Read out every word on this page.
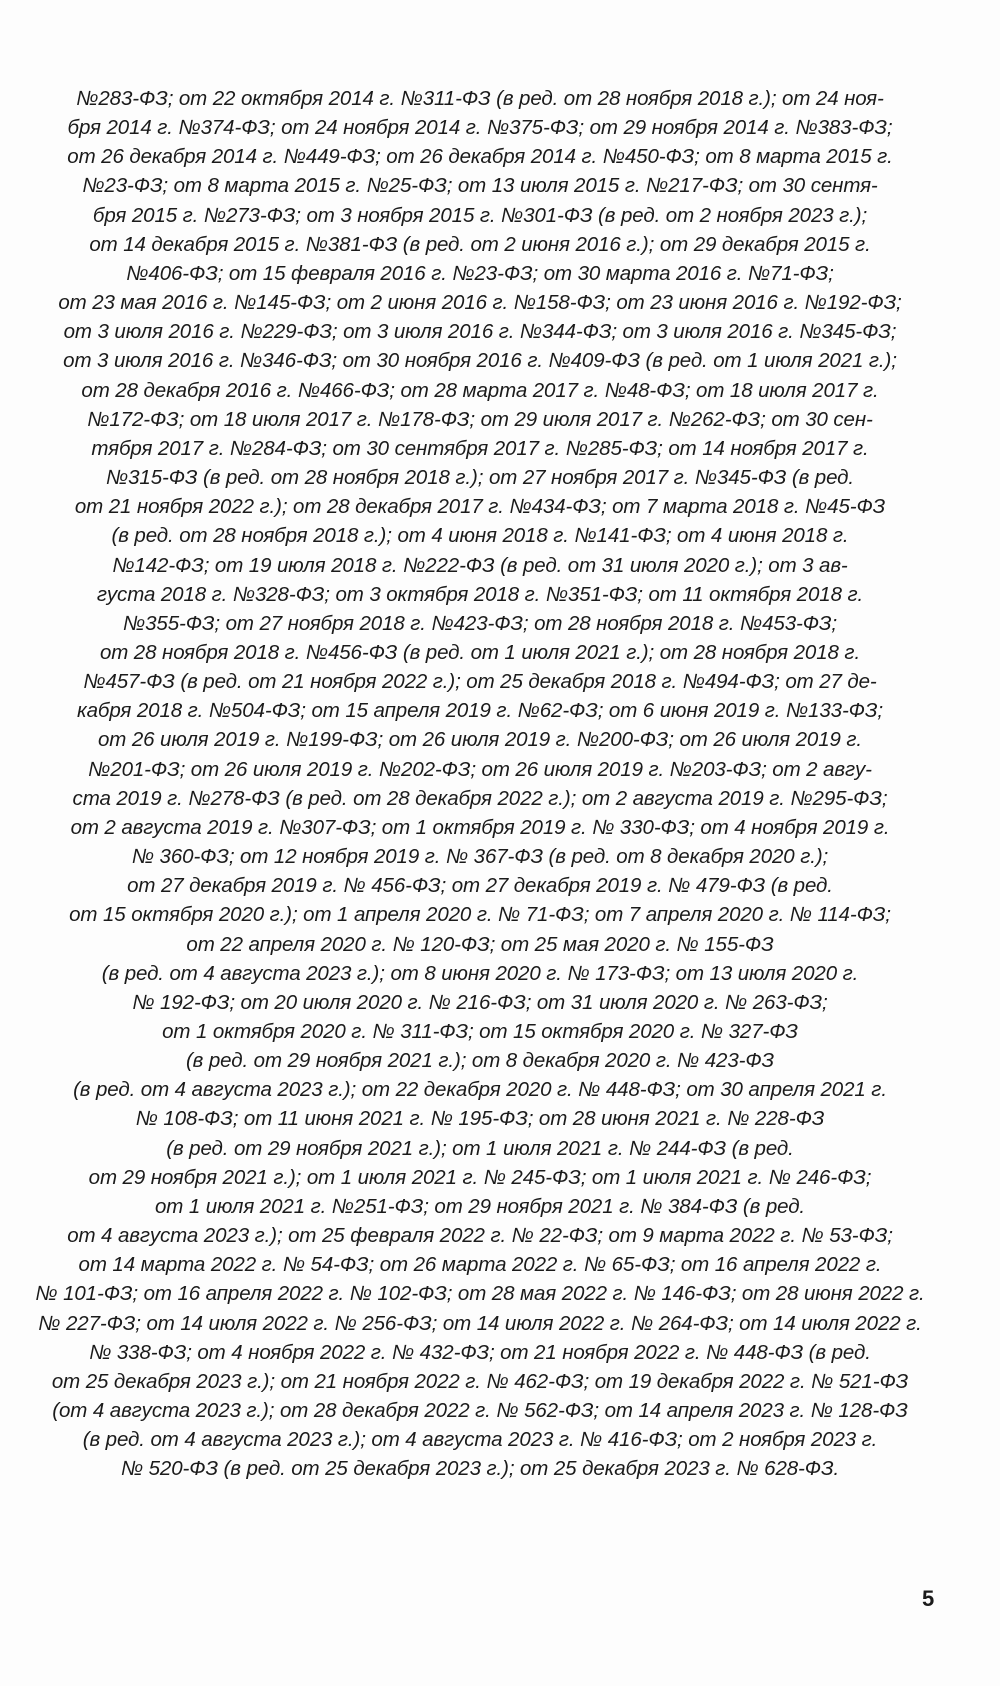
№283-ФЗ; от 22 октября 2014 г. №311-ФЗ (в ред. от 28 ноября 2018 г.); от 24 ноя-
бря 2014 г. №374-ФЗ; от 24 ноября 2014 г. №375-ФЗ; от 29 ноября 2014 г. №383-ФЗ;
от 26 декабря 2014 г. №449-ФЗ; от 26 декабря 2014 г. №450-ФЗ; от 8 марта 2015 г.
№23-ФЗ; от 8 марта 2015 г. №25-ФЗ; от 13 июля 2015 г. №217-ФЗ; от 30 сентя-
бря 2015 г. №273-ФЗ; от 3 ноября 2015 г. №301-ФЗ (в ред. от 2 ноября 2023 г.);
от 14 декабря 2015 г. №381-ФЗ (в ред. от 2 июня 2016 г.); от 29 декабря 2015 г.
№406-ФЗ; от 15 февраля 2016 г. №23-ФЗ; от 30 марта 2016 г. №71-ФЗ;
от 23 мая 2016 г. №145-ФЗ; от 2 июня 2016 г. №158-ФЗ; от 23 июня 2016 г. №192-ФЗ;
от 3 июля 2016 г. №229-ФЗ; от 3 июля 2016 г. №344-ФЗ; от 3 июля 2016 г. №345-ФЗ;
от 3 июля 2016 г. №346-ФЗ; от 30 ноября 2016 г. №409-ФЗ (в ред. от 1 июля 2021 г.);
от 28 декабря 2016 г. №466-ФЗ; от 28 марта 2017 г. №48-ФЗ; от 18 июля 2017 г.
№172-ФЗ; от 18 июля 2017 г. №178-ФЗ; от 29 июля 2017 г. №262-ФЗ; от 30 сен-
тября 2017 г. №284-ФЗ; от 30 сентября 2017 г. №285-ФЗ; от 14 ноября 2017 г.
№315-ФЗ (в ред. от 28 ноября 2018 г.); от 27 ноября 2017 г. №345-ФЗ (в ред.
от 21 ноября 2022 г.); от 28 декабря 2017 г. №434-ФЗ; от 7 марта 2018 г. №45-ФЗ
(в ред. от 28 ноября 2018 г.); от 4 июня 2018 г. №141-ФЗ; от 4 июня 2018 г.
№142-ФЗ; от 19 июля 2018 г. №222-ФЗ (в ред. от 31 июля 2020 г.); от 3 ав-
густа 2018 г. №328-ФЗ; от 3 октября 2018 г. №351-ФЗ; от 11 октября 2018 г.
№355-ФЗ; от 27 ноября 2018 г. №423-ФЗ; от 28 ноября 2018 г. №453-ФЗ;
от 28 ноября 2018 г. №456-ФЗ (в ред. от 1 июля 2021 г.); от 28 ноября 2018 г.
№457-ФЗ (в ред. от 21 ноября 2022 г.); от 25 декабря 2018 г. №494-ФЗ; от 27 де-
кабря 2018 г. №504-ФЗ; от 15 апреля 2019 г. №62-ФЗ; от 6 июня 2019 г. №133-ФЗ;
от 26 июля 2019 г. №199-ФЗ; от 26 июля 2019 г. №200-ФЗ; от 26 июля 2019 г.
№201-ФЗ; от 26 июля 2019 г. №202-ФЗ; от 26 июля 2019 г. №203-ФЗ; от 2 авгу-
ста 2019 г. №278-ФЗ (в ред. от 28 декабря 2022 г.); от 2 августа 2019 г. №295-ФЗ;
от 2 августа 2019 г. №307-ФЗ; от 1 октября 2019 г. № 330-ФЗ; от 4 ноября 2019 г.
№ 360-ФЗ; от 12 ноября 2019 г. № 367-ФЗ (в ред. от 8 декабря 2020 г.);
от 27 декабря 2019 г. № 456-ФЗ; от 27 декабря 2019 г. № 479-ФЗ (в ред.
от 15 октября 2020 г.); от 1 апреля 2020 г. № 71-ФЗ; от 7 апреля 2020 г. № 114-ФЗ;
от 22 апреля 2020 г. № 120-ФЗ; от 25 мая 2020 г. № 155-ФЗ
(в ред. от 4 августа 2023 г.); от 8 июня 2020 г. № 173-ФЗ; от 13 июля 2020 г.
№ 192-ФЗ; от 20 июля 2020 г. № 216-ФЗ; от 31 июля 2020 г. № 263-ФЗ;
от 1 октября 2020 г. № 311-ФЗ; от 15 октября 2020 г. № 327-ФЗ
(в ред. от 29 ноября 2021 г.); от 8 декабря 2020 г. № 423-ФЗ
(в ред. от 4 августа 2023 г.); от 22 декабря 2020 г. № 448-ФЗ; от 30 апреля 2021 г.
№ 108-ФЗ; от 11 июня 2021 г. № 195-ФЗ; от 28 июня 2021 г. № 228-ФЗ
(в ред. от 29 ноября 2021 г.); от 1 июля 2021 г. № 244-ФЗ (в ред.
от 29 ноября 2021 г.); от 1 июля 2021 г. № 245-ФЗ; от 1 июля 2021 г. № 246-ФЗ;
от 1 июля 2021 г. №251-ФЗ; от 29 ноября 2021 г. № 384-ФЗ (в ред.
от 4 августа 2023 г.); от 25 февраля 2022 г. № 22-ФЗ; от 9 марта 2022 г. № 53-ФЗ;
от 14 марта 2022 г. № 54-ФЗ; от 26 марта 2022 г. № 65-ФЗ; от 16 апреля 2022 г.
№ 101-ФЗ; от 16 апреля 2022 г. № 102-ФЗ; от 28 мая 2022 г. № 146-ФЗ; от 28 июня 2022 г.
№ 227-ФЗ; от 14 июля 2022 г. № 256-ФЗ; от 14 июля 2022 г. № 264-ФЗ; от 14 июля 2022 г.
№ 338-ФЗ; от 4 ноября 2022 г. № 432-ФЗ; от 21 ноября 2022 г. № 448-ФЗ (в ред.
от 25 декабря 2023 г.); от 21 ноября 2022 г. № 462-ФЗ; от 19 декабря 2022 г. № 521-ФЗ
(от 4 августа 2023 г.); от 28 декабря 2022 г. № 562-ФЗ; от 14 апреля 2023 г. № 128-ФЗ
(в ред. от 4 августа 2023 г.); от 4 августа 2023 г. № 416-ФЗ; от 2 ноября 2023 г.
№ 520-ФЗ (в ред. от 25 декабря 2023 г.); от 25 декабря 2023 г. № 628-ФЗ.
5
